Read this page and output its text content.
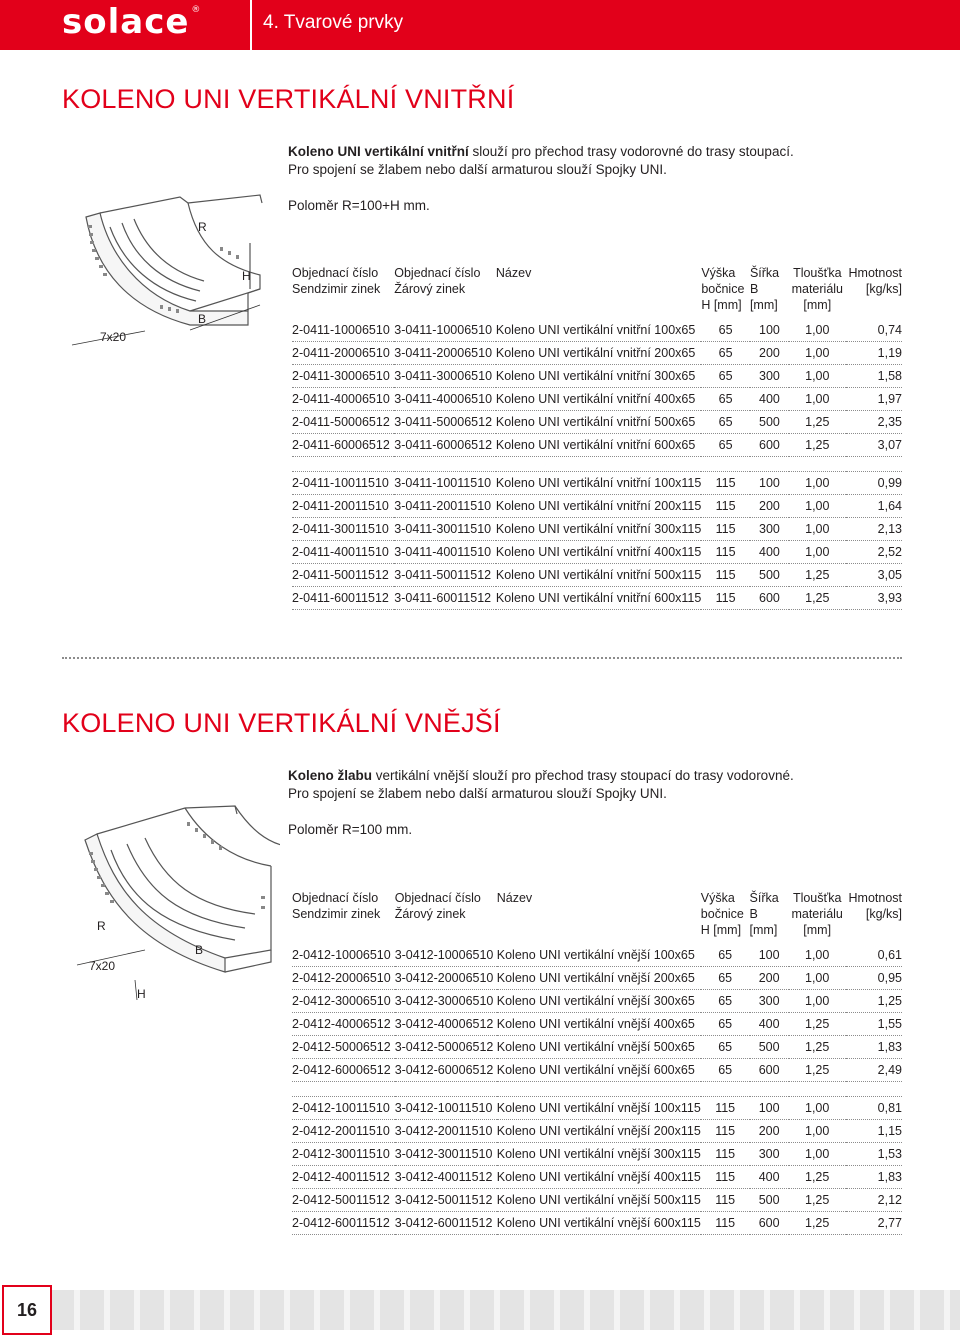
solace®
4. Tvarové prvky
KOLENO UNI VERTIKÁLNÍ VNITŘNÍ
Koleno UNI vertikální vnitřní slouží pro přechod trasy vodorovné do trasy stoupací.
Pro spojení se žlabem nebo další armaturou slouží Spojky UNI.
Poloměr R=100+H mm.
R
H
B
7x20
Objednací číslo
Sendzimir zinek	Objednací číslo
Žárový zinek	Název	Výška
bočnice
H [mm]	Šířka
B
[mm]	Tloušťka
materiálu
[mm]	Hmotnost
[kg/ks]
2-0411-10006510	3-0411-10006510	Koleno UNI vertikální vnitřní 100x65	65	100	1,00	0,74
2-0411-20006510	3-0411-20006510	Koleno UNI vertikální vnitřní 200x65	65	200	1,00	1,19
2-0411-30006510	3-0411-30006510	Koleno UNI vertikální vnitřní 300x65	65	300	1,00	1,58
2-0411-40006510	3-0411-40006510	Koleno UNI vertikální vnitřní 400x65	65	400	1,00	1,97
2-0411-50006512	3-0411-50006512	Koleno UNI vertikální vnitřní 500x65	65	500	1,25	2,35
2-0411-60006512	3-0411-60006512	Koleno UNI vertikální vnitřní 600x65	65	600	1,25	3,07

2-0411-10011510	3-0411-10011510	Koleno UNI vertikální vnitřní 100x115	115	100	1,00	0,99
2-0411-20011510	3-0411-20011510	Koleno UNI vertikální vnitřní 200x115	115	200	1,00	1,64
2-0411-30011510	3-0411-30011510	Koleno UNI vertikální vnitřní 300x115	115	300	1,00	2,13
2-0411-40011510	3-0411-40011510	Koleno UNI vertikální vnitřní 400x115	115	400	1,00	2,52
2-0411-50011512	3-0411-50011512	Koleno UNI vertikální vnitřní 500x115	115	500	1,25	3,05
2-0411-60011512	3-0411-60011512	Koleno UNI vertikální vnitřní 600x115	115	600	1,25	3,93
KOLENO UNI VERTIKÁLNÍ VNĚJŠÍ
Koleno žlabu vertikální vnější slouží pro přechod trasy stoupací do trasy vodorovné.
Pro spojení se žlabem nebo další armaturou slouží Spojky UNI.
Poloměr R=100 mm.
R
H
B
7x20
Objednací číslo
Sendzimir zinek	Objednací číslo
Žárový zinek	Název	Výška
bočnice
H [mm]	Šířka
B
[mm]	Tloušťka
materiálu
[mm]	Hmotnost
[kg/ks]
2-0412-10006510	3-0412-10006510	Koleno UNI vertikální vnější 100x65	65	100	1,00	0,61
2-0412-20006510	3-0412-20006510	Koleno UNI vertikální vnější 200x65	65	200	1,00	0,95
2-0412-30006510	3-0412-30006510	Koleno UNI vertikální vnější 300x65	65	300	1,00	1,25
2-0412-40006512	3-0412-40006512	Koleno UNI vertikální vnější 400x65	65	400	1,25	1,55
2-0412-50006512	3-0412-50006512	Koleno UNI vertikální vnější 500x65	65	500	1,25	1,83
2-0412-60006512	3-0412-60006512	Koleno UNI vertikální vnější 600x65	65	600	1,25	2,49

2-0412-10011510	3-0412-10011510	Koleno UNI vertikální vnější 100x115	115	100	1,00	0,81
2-0412-20011510	3-0412-20011510	Koleno UNI vertikální vnější 200x115	115	200	1,00	1,15
2-0412-30011510	3-0412-30011510	Koleno UNI vertikální vnější 300x115	115	300	1,00	1,53
2-0412-40011512	3-0412-40011512	Koleno UNI vertikální vnější 400x115	115	400	1,25	1,83
2-0412-50011512	3-0412-50011512	Koleno UNI vertikální vnější 500x115	115	500	1,25	2,12
2-0412-60011512	3-0412-60011512	Koleno UNI vertikální vnější 600x115	115	600	1,25	2,77
16
